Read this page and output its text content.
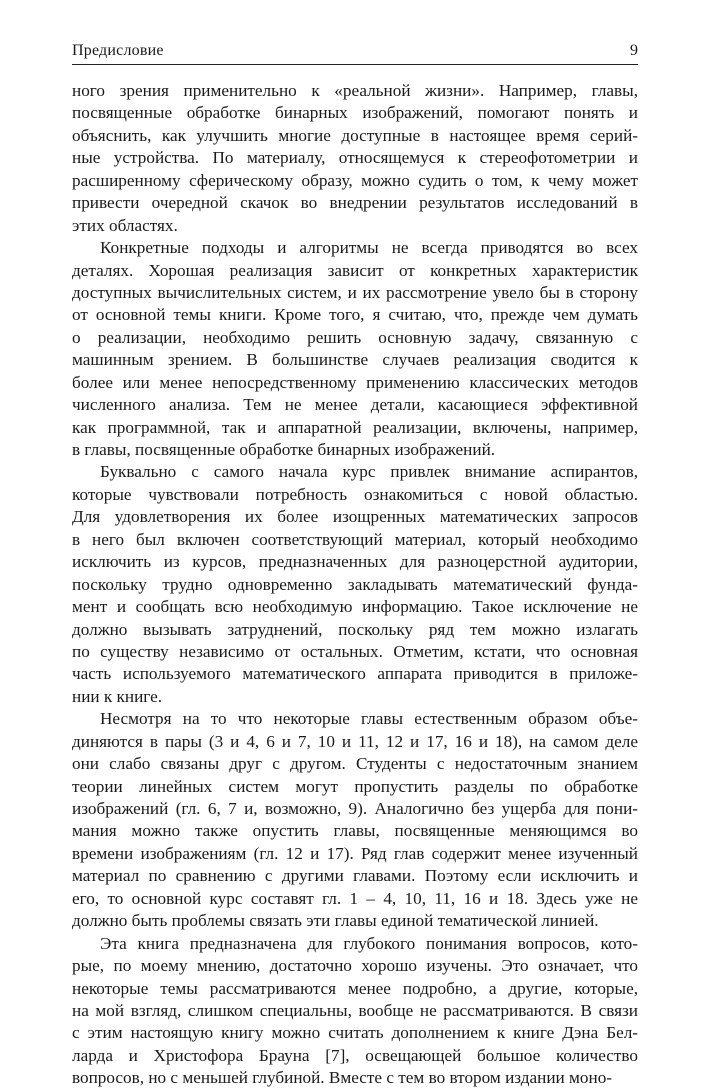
Предисловие	9
ного зрения применительно к «реальной жизни». Например, главы,
посвященные обработке бинарных изображений, помогают понять и
объяснить, как улучшить многие доступные в настоящее время серий-
ные устройства. По материалу, относящемуся к стереофотометрии и
расширенному сферическому образу, можно судить о том, к чему может
привести очередной скачок во внедрении результатов исследований в
этих областях.
Конкретные подходы и алгоритмы не всегда приводятся во всех
деталях. Хорошая реализация зависит от конкретных характеристик
доступных вычислительных систем, и их рассмотрение увело бы в сторону
от основной темы книги. Кроме того, я считаю, что, прежде чем думать
о реализации, необходимо решить основную задачу, связанную с
машинным зрением. В большинстве случаев реализация сводится к
более или менее непосредственному применению классических методов
численного анализа. Тем не менее детали, касающиеся эффективной
как программной, так и аппаратной реализации, включены, например,
в главы, посвященные обработке бинарных изображений.
Буквально с самого начала курс привлек внимание аспирантов,
которые чувствовали потребность ознакомиться с новой областью.
Для удовлетворения их более изощренных математических запросов
в него был включен соответствующий материал, который необходимо
исключить из курсов, предназначенных для разноцерстной аудитории,
поскольку трудно одновременно закладывать математический фунда-
мент и сообщать всю необходимую информацию. Такое исключение не
должно вызывать затруднений, поскольку ряд тем можно излагать
по существу независимо от остальных. Отметим, кстати, что основная
часть используемого математического аппарата приводится в приложе-
нии к книге.
Несмотря на то что некоторые главы естественным образом объе-
диняются в пары (3 и 4, 6 и 7, 10 и 11, 12 и 17, 16 и 18), на самом деле
они слабо связаны друг с другом. Студенты с недостаточным знанием
теории линейных систем могут пропустить разделы по обработке
изображений (гл. 6, 7 и, возможно, 9). Аналогично без ущерба для пони-
мания можно также опустить главы, посвященные меняющимся во
времени изображениям (гл. 12 и 17). Ряд глав содержит менее изученный
материал по сравнению с другими главами. Поэтому если исключить и
его, то основной курс составят гл. 1 – 4, 10, 11, 16 и 18. Здесь уже не
должно быть проблемы связать эти главы единой тематической линией.
Эта книга предназначена для глубокого понимания вопросов, кото-
рые, по моему мнению, достаточно хорошо изучены. Это означает, что
некоторые темы рассматриваются менее подробно, а другие, которые,
на мой взгляд, слишком специальны, вообще не рассматриваются. В связи
с этим настоящую книгу можно считать дополнением к книге Дэна Бел-
ларда и Христофора Брауна [7], освещающей большое количество
вопросов, но с меньшей глубиной. Вместе с тем во втором издании моно-
